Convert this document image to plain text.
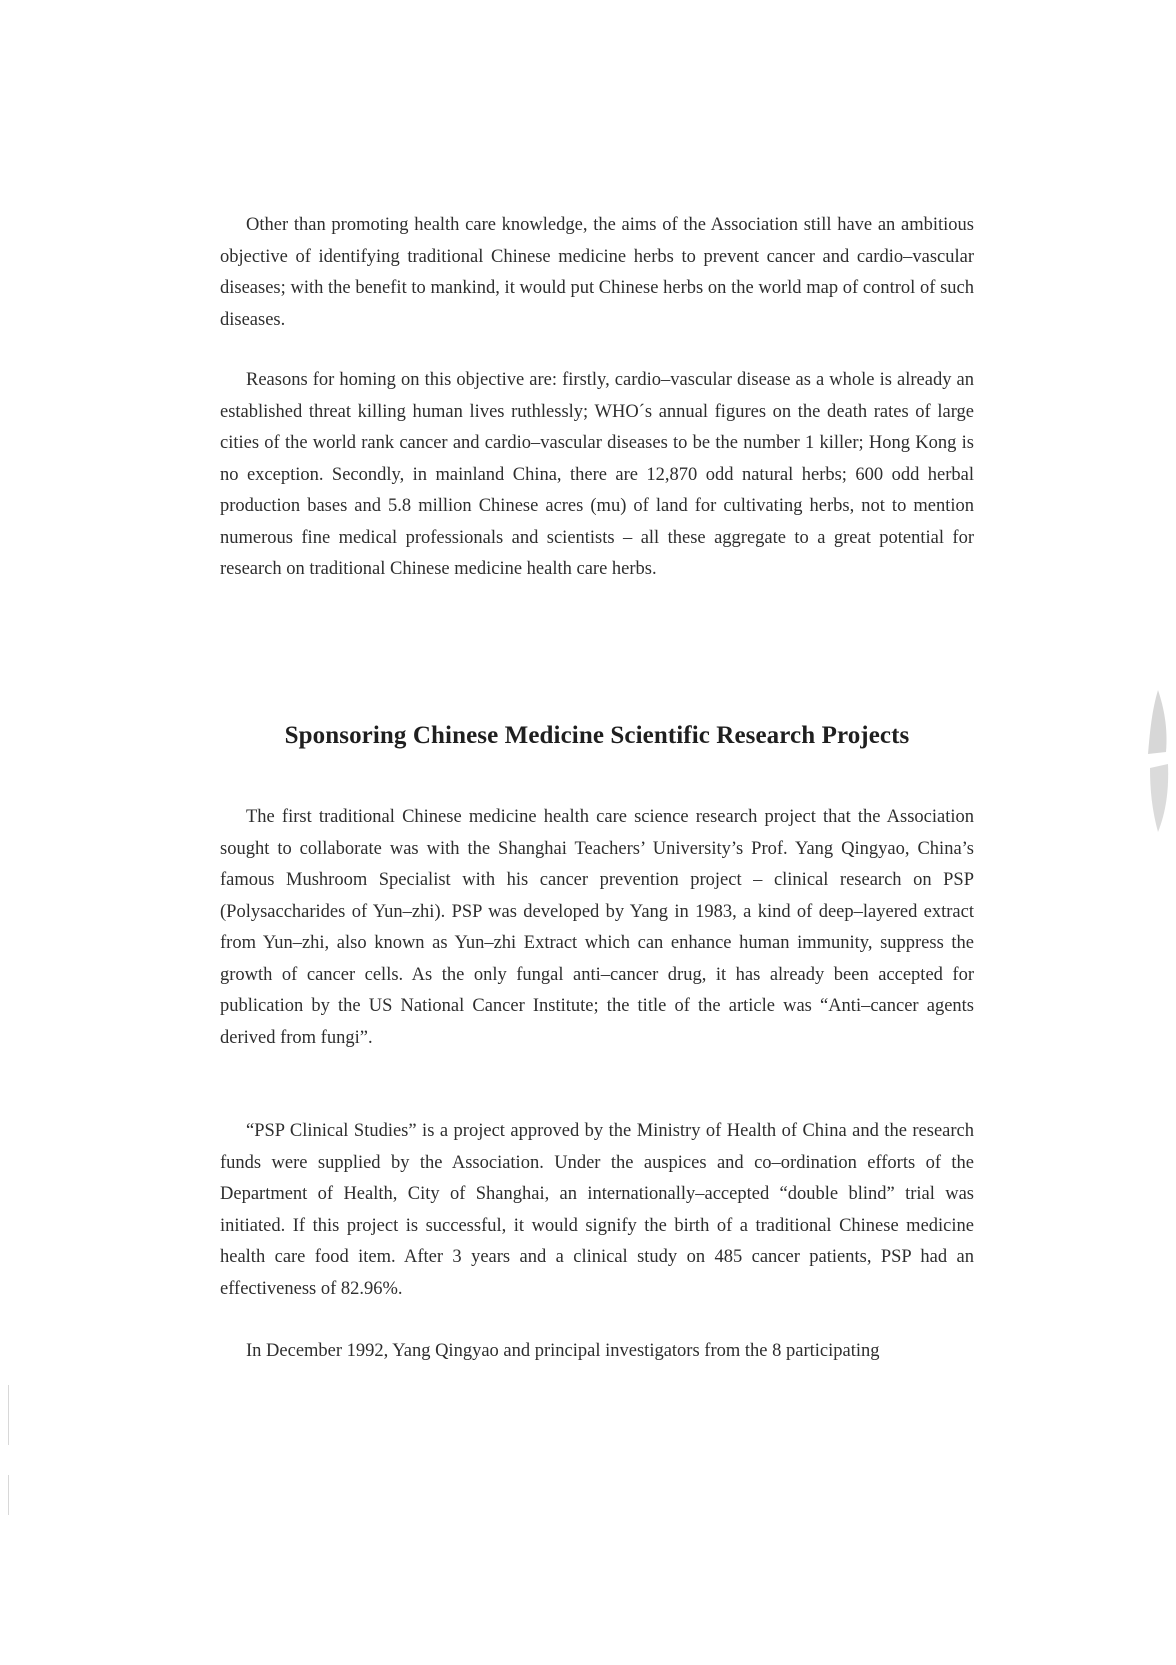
Other than promoting health care knowledge, the aims of the Association still have an ambitious objective of identifying traditional Chinese medicine herbs to prevent cancer and cardio–vascular diseases; with the benefit to mankind, it would put Chinese herbs on the world map of control of such diseases.

Reasons for homing on this objective are: firstly, cardio–vascular disease as a whole is already an established threat killing human lives ruthlessly; WHO´s annual figures on the death rates of large cities of the world rank cancer and cardio–vascular diseases to be the number 1 killer; Hong Kong is no exception. Secondly, in mainland China, there are 12,870 odd natural herbs; 600 odd herbal production bases and 5.8 million Chinese acres (mu) of land for cultivating herbs, not to mention numerous fine medical professionals and scientists – all these aggregate to a great potential for research on traditional Chinese medicine health care herbs.

Sponsoring Chinese Medicine Scientific Research Projects

The first traditional Chinese medicine health care science research project that the Association sought to collaborate was with the Shanghai Teachers’ University’s Prof. Yang Qingyao, China’s famous Mushroom Specialist with his cancer prevention project – clinical research on PSP (Polysaccharides of Yun–zhi). PSP was developed by Yang in 1983, a kind of deep–layered extract from Yun–zhi, also known as Yun–zhi Extract which can enhance human immunity, suppress the growth of cancer cells. As the only fungal anti–cancer drug, it has already been accepted for publication by the US National Cancer Institute; the title of the article was “Anti–cancer agents derived from fungi”.

“PSP Clinical Studies” is a project approved by the Ministry of Health of China and the research funds were supplied by the Association. Under the auspices and co–ordination efforts of the Department of Health, City of Shanghai, an internationally–accepted “double blind” trial was initiated. If this project is successful, it would signify the birth of a traditional Chinese medicine health care food item. After 3 years and a clinical study on 485 cancer patients, PSP had an effectiveness of 82.96%.

In December 1992, Yang Qingyao and principal investigators from the 8 participating
